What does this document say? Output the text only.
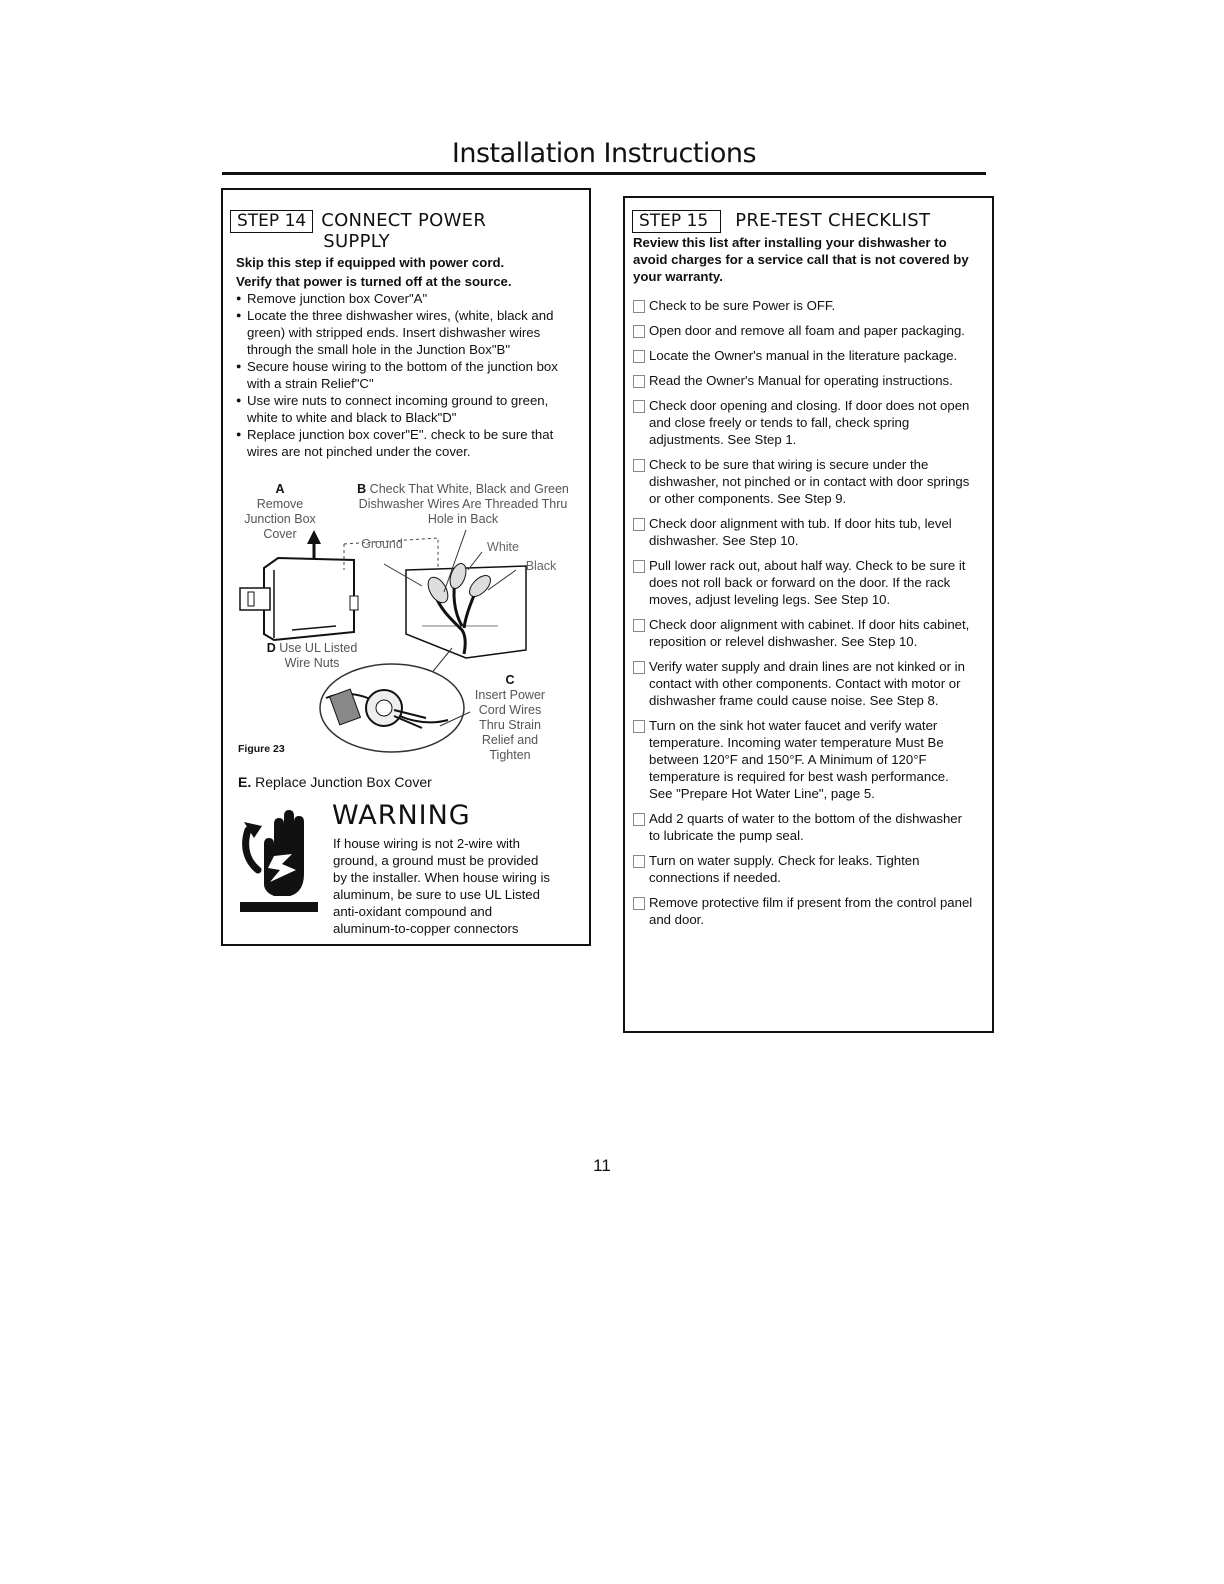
Installation Instructions
STEP 14 CONNECT POWER
SUPPLY
Skip this step if equipped with power cord.
Verify that power is turned off at the source.
● Remove junction box Cover"A"
● Locate the three dishwasher wires, (white, black and green) with stripped ends. Insert dishwasher wires through the small hole in the Junction Box"B"
● Secure house wiring to the bottom of the junction box with a strain Relief"C"
● Use wire nuts to connect incoming ground to green, white to white and black to Black"D"
● Replace junction box cover"E". check to be sure that wires are not pinched under the cover.
A
Remove Junction Box Cover
B Check That White, Black and Green Dishwasher Wires Are Threaded Thru Hole in Back
Ground	White
Black
D Use UL Listed Wire Nuts
C
Insert Power Cord Wires Thru Strain Relief and Tighten
Figure 23
E. Replace Junction Box Cover
WARNING
If house wiring is not 2-wire with ground, a ground must be provided by the installer. When house wiring is aluminum, be sure to use UL Listed anti-oxidant compound and aluminum-to-copper connectors
STEP 15	PRE-TEST CHECKLIST
Review this list after installing your dishwasher to avoid charges for a service call that is not covered by your warranty.
Check to be sure Power is OFF.
Open door and remove all foam and paper packaging.
Locate the Owner's manual in the literature package.
Read the Owner's Manual for operating instructions.
Check door opening and closing. If door does not open and close freely or tends to fall, check spring adjustments. See Step 1.
Check to be sure that wiring is secure under the dishwasher, not pinched or in contact with door springs or other components. See Step 9.
Check door alignment with tub. If door hits tub, level dishwasher. See Step 10.
Pull lower rack out, about half way. Check to be sure it does not roll back or forward on the door. If the rack moves, adjust leveling legs. See Step 10.
Check door alignment with cabinet. If door hits cabinet, reposition or relevel dishwasher. See Step 10.
Verify water supply and drain lines are not kinked or in contact with other components. Contact with motor or dishwasher frame could cause noise. See Step 8.
Turn on the sink hot water faucet and verify water temperature. Incoming water temperature Must Be between 120°F and 150°F. A Minimum of 120°F temperature is required for best wash performance. See "Prepare Hot Water Line", page 5.
Add 2 quarts of water to the bottom of the dishwasher to lubricate the pump seal.
Turn on water supply. Check for leaks. Tighten connections if needed.
Remove protective film if present from the control panel and door.
11
